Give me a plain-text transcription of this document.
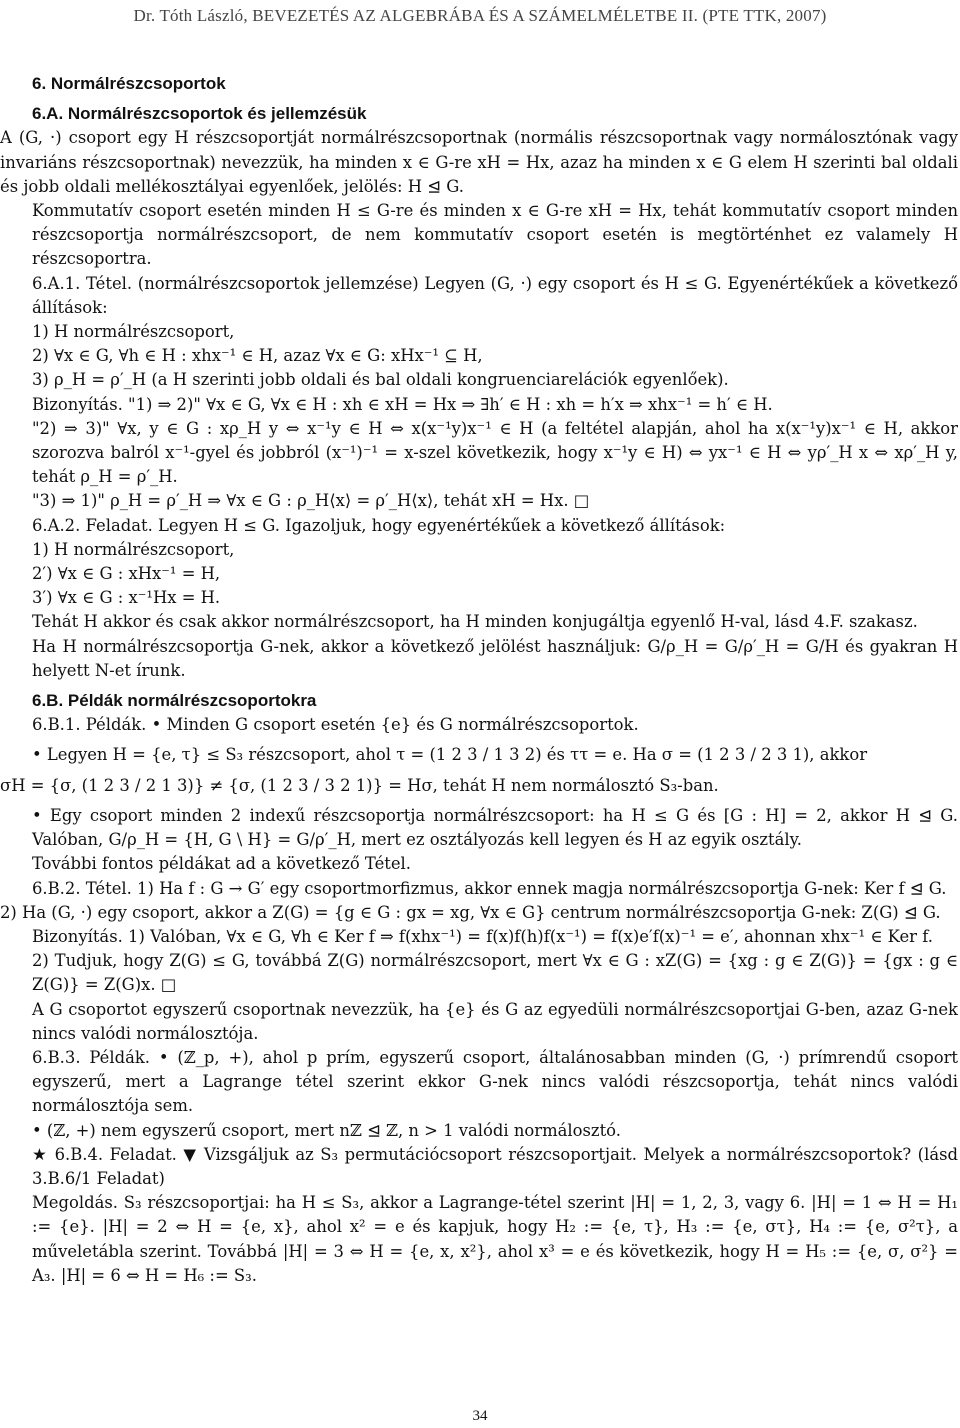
Dr. Tóth László, BEVEZETÉS AZ ALGEBRÁBA ÉS A SZÁMELMÉLETBE II. (PTE TTK, 2007)

6. Normálrészcsoportok

6.A. Normálrészcsoportok és jellemzésük

A (G, ·) csoport egy H részcsoportját normálrészcsoportnak (normális részcsoportnak vagy normálosztónak vagy invariáns részcsoportnak) nevezzük, ha minden x ∈ G-re xH = Hx, azaz ha minden x ∈ G elem H szerinti bal oldali és jobb oldali mellékosztályai egyenlőek, jelölés: H ⊴ G.

Kommutatív csoport esetén minden H ≤ G-re és minden x ∈ G-re xH = Hx, tehát kommutatív csoport minden részcsoportja normálrészcsoport, de nem kommutatív csoport esetén is megtörténhet ez valamely H részcsoportra.

6.A.1. Tétel. (normálrészcsoportok jellemzése) Legyen (G, ·) egy csoport és H ≤ G. Egyenértékűek a következő állítások:

1) H normálrészcsoport,

2) ∀x ∈ G, ∀h ∈ H : xhx⁻¹ ∈ H, azaz ∀x ∈ G: xHx⁻¹ ⊆ H,

3) ρ_H = ρ′_H (a H szerinti jobb oldali és bal oldali kongruenciarelációk egyenlőek).

Bizonyítás. "1) ⇒ 2)" ∀x ∈ G, ∀x ∈ H : xh ∈ xH = Hx ⇒ ∃h′ ∈ H : xh = h′x ⇒ xhx⁻¹ = h′ ∈ H.

"2) ⇒ 3)" ∀x, y ∈ G : xρ_H y ⇔ x⁻¹y ∈ H ⇔ x(x⁻¹y)x⁻¹ ∈ H (a feltétel alapján, ahol ha x(x⁻¹y)x⁻¹ ∈ H, akkor szorozva balról x⁻¹-gyel és jobbról (x⁻¹)⁻¹ = x-szel következik, hogy x⁻¹y ∈ H) ⇔ yx⁻¹ ∈ H ⇔ yρ′_H x ⇔ xρ′_H y, tehát ρ_H = ρ′_H.

"3) ⇒ 1)" ρ_H = ρ′_H ⇒ ∀x ∈ G : ρ_H⟨x⟩ = ρ′_H⟨x⟩, tehát xH = Hx. □

6.A.2. Feladat. Legyen H ≤ G. Igazoljuk, hogy egyenértékűek a következő állítások:

1) H normálrészcsoport,

2′) ∀x ∈ G : xHx⁻¹ = H,

3′) ∀x ∈ G : x⁻¹Hx = H.

Tehát H akkor és csak akkor normálrészcsoport, ha H minden konjugáltja egyenlő H-val, lásd 4.F. szakasz.

Ha H normálrészcsoportja G-nek, akkor a következő jelölést használjuk: G/ρ_H = G/ρ′_H = G/H és gyakran H helyett N-et írunk.

6.B. Példák normálrészcsoportokra

6.B.1. Példák. • Minden G csoport esetén {e} és G normálrészcsoportok.

• Legyen H = {e, τ} ≤ S₃ részcsoport, ahol τ = (1 2 3 / 1 3 2) és ττ = e. Ha σ = (1 2 3 / 2 3 1), akkor

σH = {σ, (1 2 3 / 2 1 3)} ≠ {σ, (1 2 3 / 3 2 1)} = Hσ, tehát H nem normálosztó S₃-ban.

• Egy csoport minden 2 indexű részcsoportja normálrészcsoport: ha H ≤ G és [G : H] = 2, akkor H ⊴ G. Valóban, G/ρ_H = {H, G \ H} = G/ρ′_H, mert ez osztályozás kell legyen és H az egyik osztály.

További fontos példákat ad a következő Tétel.

6.B.2. Tétel. 1) Ha f : G → G′ egy csoportmorfizmus, akkor ennek magja normálrészcsoportja G-nek: Ker f ⊴ G.

2) Ha (G, ·) egy csoport, akkor a Z(G) = {g ∈ G : gx = xg, ∀x ∈ G} centrum normálrészcsoportja G-nek: Z(G) ⊴ G.

Bizonyítás. 1) Valóban, ∀x ∈ G, ∀h ∈ Ker f ⇒ f(xhx⁻¹) = f(x)f(h)f(x⁻¹) = f(x)e′f(x)⁻¹ = e′, ahonnan xhx⁻¹ ∈ Ker f.

2) Tudjuk, hogy Z(G) ≤ G, továbbá Z(G) normálrészcsoport, mert ∀x ∈ G : xZ(G) = {xg : g ∈ Z(G)} = {gx : g ∈ Z(G)} = Z(G)x. □

A G csoportot egyszerű csoportnak nevezzük, ha {e} és G az egyedüli normálrészcsoportjai G-ben, azaz G-nek nincs valódi normálosztója.

6.B.3. Példák. • (ℤ_p, +), ahol p prím, egyszerű csoport, általánosabban minden (G, ·) prímrendű csoport egyszerű, mert a Lagrange tétel szerint ekkor G-nek nincs valódi részcsoportja, tehát nincs valódi normálosztója sem.

• (ℤ, +) nem egyszerű csoport, mert nℤ ⊴ ℤ, n > 1 valódi normálosztó.

★ 6.B.4. Feladat. ▼ Vizsgáljuk az S₃ permutációcsoport részcsoportjait. Melyek a normálrészcsoportok? (lásd 3.B.6/1 Feladat)

Megoldás. S₃ részcsoportjai: ha H ≤ S₃, akkor a Lagrange-tétel szerint |H| = 1, 2, 3, vagy 6. |H| = 1 ⇔ H = H₁ := {e}. |H| = 2 ⇔ H = {e, x}, ahol x² = e és kapjuk, hogy H₂ := {e, τ}, H₃ := {e, στ}, H₄ := {e, σ²τ}, a műveletábla szerint. Továbbá |H| = 3 ⇔ H = {e, x, x²}, ahol x³ = e és következik, hogy H = H₅ := {e, σ, σ²} = A₃. |H| = 6 ⇔ H = H₆ := S₃.

34
